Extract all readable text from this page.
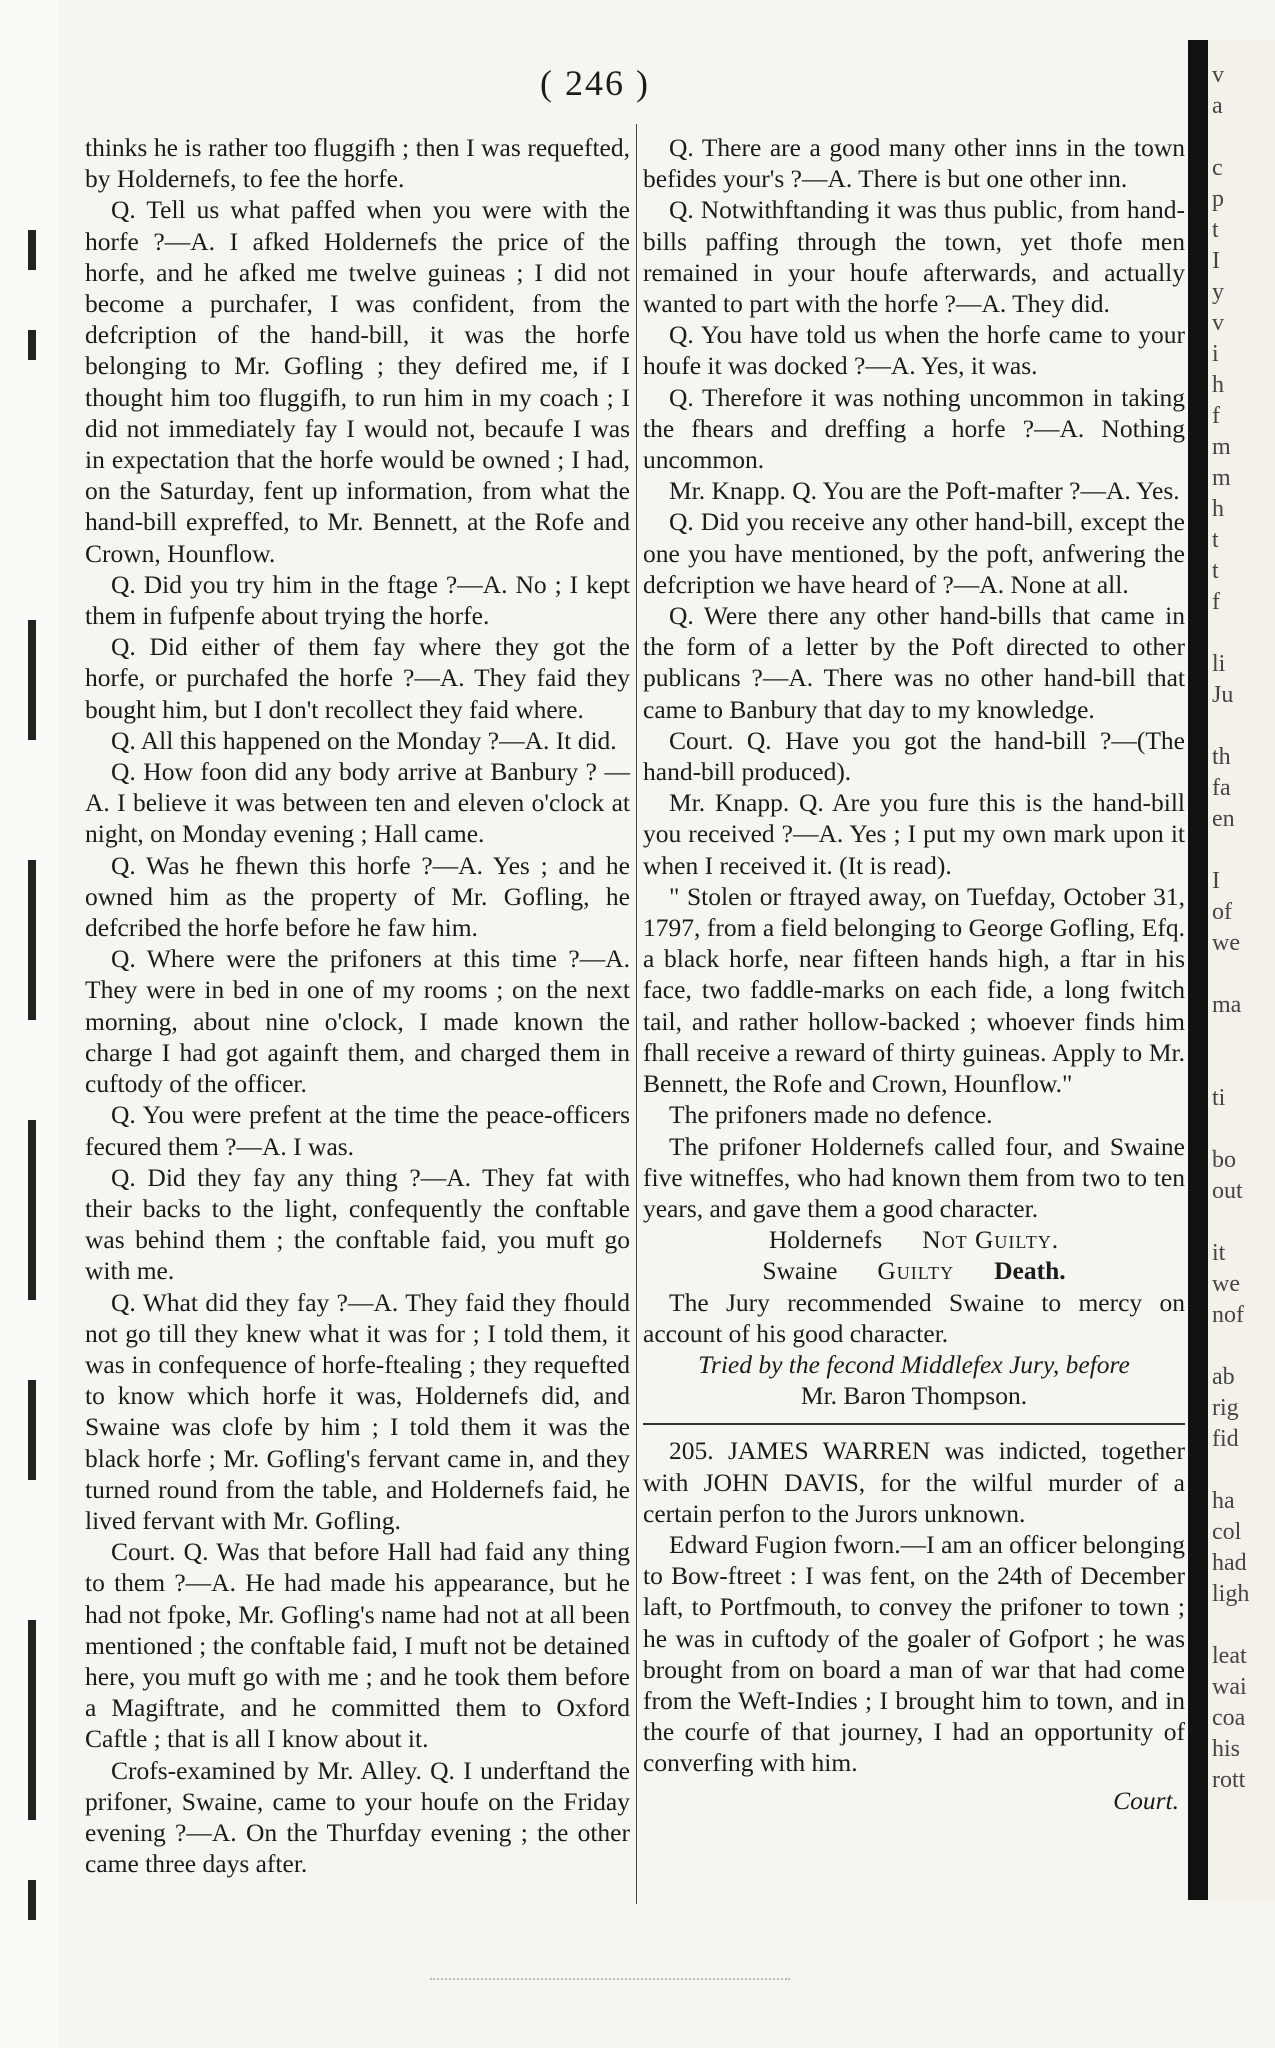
( 246 )

thinks he is rather too fluggifh ; then I was requefted, by Holdernefs, to fee the horfe.

Q. Tell us what paffed when you were with the horfe ?—A. I afked Holdernefs the price of the horfe, and he afked me twelve guineas ; I did not become a purchafer, I was confident, from the defcription of the hand-bill, it was the horfe belonging to Mr. Gofling ; they defired me, if I thought him too fluggifh, to run him in my coach ; I did not immediately fay I would not, becaufe I was in expectation that the horfe would be owned ; I had, on the Saturday, fent up information, from what the hand-bill expreffed, to Mr. Bennett, at the Rofe and Crown, Hounflow.

Q. Did you try him in the ftage ?—A. No ; I kept them in fufpenfe about trying the horfe.

Q. Did either of them fay where they got the horfe, or purchafed the horfe ?—A. They faid they bought him, but I don't recollect they faid where.

Q. All this happened on the Monday ?—A. It did.

Q. How foon did any body arrive at Banbury ? —A. I believe it was between ten and eleven o'clock at night, on Monday evening ; Hall came.

Q. Was he fhewn this horfe ?—A. Yes ; and he owned him as the property of Mr. Gofling, he defcribed the horfe before he faw him.

Q. Where were the prifoners at this time ?—A. They were in bed in one of my rooms ; on the next morning, about nine o'clock, I made known the charge I had got againft them, and charged them in cuftody of the officer.

Q. You were prefent at the time the peace-officers fecured them ?—A. I was.

Q. Did they fay any thing ?—A. They fat with their backs to the light, confequently the conftable was behind them ; the conftable faid, you muft go with me.

Q. What did they fay ?—A. They faid they fhould not go till they knew what it was for ; I told them, it was in confequence of horfe-ftealing ; they requefted to know which horfe it was, Holdernefs did, and Swaine was clofe by him ; I told them it was the black horfe ; Mr. Gofling's fervant came in, and they turned round from the table, and Holdernefs faid, he lived fervant with Mr. Gofling.

Court. Q. Was that before Hall had faid any thing to them ?—A. He had made his appearance, but he had not fpoke, Mr. Gofling's name had not at all been mentioned ; the conftable faid, I muft not be detained here, you muft go with me ; and he took them before a Magiftrate, and he committed them to Oxford Caftle ; that is all I know about it.

Crofs-examined by Mr. Alley. Q. I underftand the prifoner, Swaine, came to your houfe on the Friday evening ?—A. On the Thurfday evening ; the other came three days after.

Q. There are a good many other inns in the town befides your's ?—A. There is but one other inn.

Q. Notwithftanding it was thus public, from hand-bills paffing through the town, yet thofe men remained in your houfe afterwards, and actually wanted to part with the horfe ?—A. They did.

Q. You have told us when the horfe came to your houfe it was docked ?—A. Yes, it was.

Q. Therefore it was nothing uncommon in taking the fhears and dreffing a horfe ?—A. Nothing uncommon.

Mr. Knapp. Q. You are the Poft-mafter ?—A. Yes.

Q. Did you receive any other hand-bill, except the one you have mentioned, by the poft, anfwering the defcription we have heard of ?—A. None at all.

Q. Were there any other hand-bills that came in the form of a letter by the Poft directed to other publicans ?—A. There was no other hand-bill that came to Banbury that day to my knowledge.

Court. Q. Have you got the hand-bill ?—(The hand-bill produced).

Mr. Knapp. Q. Are you fure this is the hand-bill you received ?—A. Yes ; I put my own mark upon it when I received it. (It is read).

" Stolen or ftrayed away, on Tuefday, October 31, 1797, from a field belonging to George Gofling, Efq. a black horfe, near fifteen hands high, a ftar in his face, two faddle-marks on each fide, a long fwitch tail, and rather hollow-backed ; whoever finds him fhall receive a reward of thirty guineas. Apply to Mr. Bennett, the Rofe and Crown, Hounflow."

The prifoners made no defence.

The prifoner Holdernefs called four, and Swaine five witneffes, who had known them from two to ten years, and gave them a good character.

Holdernefs Not Guilty.
Swaine Guilty Death.

The Jury recommended Swaine to mercy on account of his good character.

Tried by the fecond Middlefex Jury, before

Mr. Baron Thompson.

205. JAMES WARREN was indicted, together with JOHN DAVIS, for the wilful murder of a certain perfon to the Jurors unknown.

Edward Fugion fworn.—I am an officer belonging to Bow-ftreet : I was fent, on the 24th of December laft, to Portfmouth, to convey the prifoner to town ; he was in cuftody of the goaler of Gofport ; he was brought from on board a man of war that had come from the Weft-Indies ; I brought him to town, and in the courfe of that journey, I had an opportunity of converfing with him.

Court.

v
a

c
p
t
I
y
v
i
h
f
m
m
h
t
t
f

li
Ju

th
fa
en

I
of
we

ma

ti

bo
out

it
we
nof

ab
rig
fid

ha
col
had
ligh

leat
wai
coa
his
rott
